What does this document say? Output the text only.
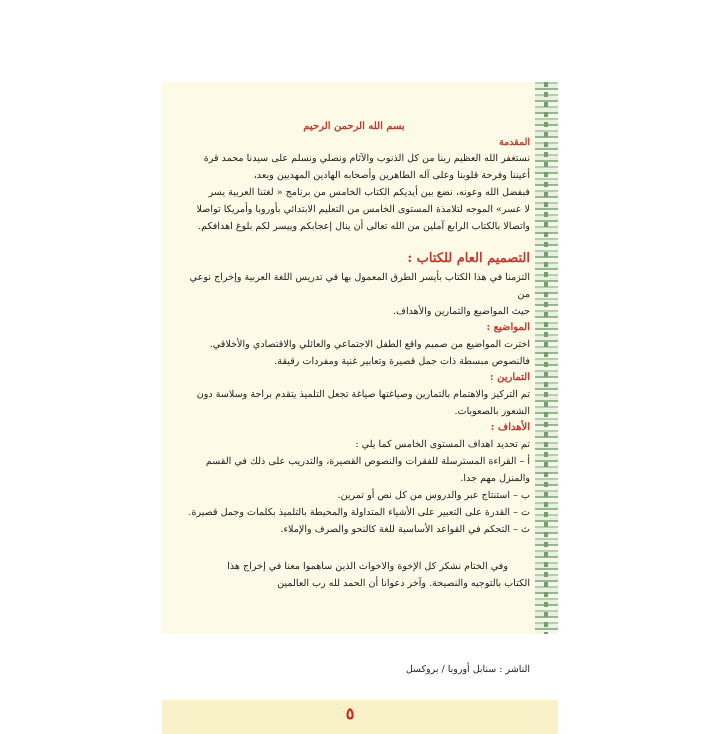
بسم الله الرحمن الرحيم
المقدمة

نستغفر الله العظيم ربنا من كل الذنوب والآثام ونصلي ونسلم على سيدنا محمد قرة

أعيننا وفرحة قلوبنا وعلى آله الطاهرين وأصحابه الهادين المهديين وبعد،

فبفضل الله وعونه، نضع بين أيديكم الكتاب الخامس من برنامج « لغتنا العربية يسر

لا عسر» الموجه لتلامذة المستوى الخامس من التعليم الابتدائي بأوروبا وأمريكا تواصلا

واتصالا بالكتاب الرابع آملين من الله تعالى أن ينال إعجابكم وييسر لكم بلوغ اهدافكم.

التصميم العام للكتاب :

التزمنا في هذا الكتاب بأيسر الطرق المعمول بها في تدريس اللغة العربية وإخراج نوعي من

حيث المواضيع والتمارين والأهداف.

المواضيع :

اخترت المواضيع من صميم واقع الطفل الاجتماعي والعائلي والاقتصادي والأخلاقي.

فالنصوص مبسطة ذات جمل قصيرة وتعابير غنية ومفردات رقيقة.

التمارين :

تم التركيز والاهتمام بالتمارين وصياغتها صياغة تجعل التلميذ يتقدم براحة وسلاسة دون

الشعور بالصعوبات.

الأهداف :

تم تحديد اهداف المستوى الخامس كما يلي :

أ – القراءة المسترسلة للفقرات والنصوص القصيرة، والتدريب على ذلك في القسم

والمنزل مهم جدا.

ب – استنتاج عبر والدروس من كل نص أو تمرين.

ت – القدرة على التعبير على الأشياء المتداولة والمحيطة بالتلميذ بكلمات وجمل قصيرة.

ث – التحكم في القواعد الأساسية للغة كالنحو والصرف والإملاء.

وفي الختام نشكر كل الإخوة والاخوات الذين ساهموا معنا في إخراج هذا

الكتاب بالتوجيه والنصيحة. وآخر دعوانا أن الحمد لله رب العالمين

الناشر : سنابل أوروبا / بروكسل
٥
